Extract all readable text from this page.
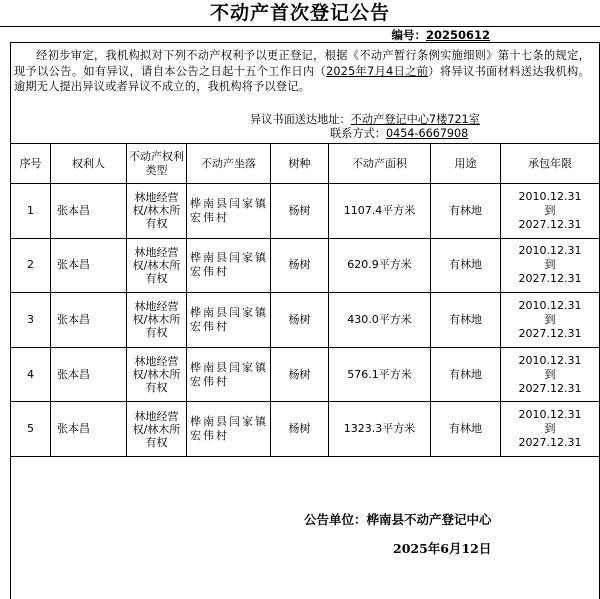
不动产首次登记公告
编号：20250612
经初步审定，我机构拟对下列不动产权利予以更正登记，根据《不动产暂行条例实施细则》第十七条的规定，现予以公告。如有异议，请自本公告之日起十五个工作日内（2025年7月4日之前）将异议书面材料送达我机构。逾期无人提出异议或者异议不成立的，我机构将予以登记。
异议书面送达地址：不动产登记中心7楼721室
联系方式：0454-6667908
序号	权利人	不动产权利类型	不动产坐落	树种	不动产面积	用途	承包年限
1	张本昌	林地经营权/林木所有权	桦南县闫家镇宏伟村	杨树	1107.4平方米	有林地	2010.12.31
到
2027.12.31

2	张本昌	林地经营权/林木所有权	桦南县闫家镇宏伟村	杨树	620.9平方米	有林地	2010.12.31
到
2027.12.31

3	张本昌	林地经营权/林木所有权	桦南县闫家镇宏伟村	杨树	430.0平方米	有林地	2010.12.31
到
2027.12.31

4	张本昌	林地经营权/林木所有权	桦南县闫家镇宏伟村	杨树	576.1平方米	有林地	2010.12.31
到
2027.12.31

5	张本昌	林地经营权/林木所有权	桦南县闫家镇宏伟村	杨树	1323.3平方米	有林地	2010.12.31
到
2027.12.31
公告单位：桦南县不动产登记中心
2025年6月12日
